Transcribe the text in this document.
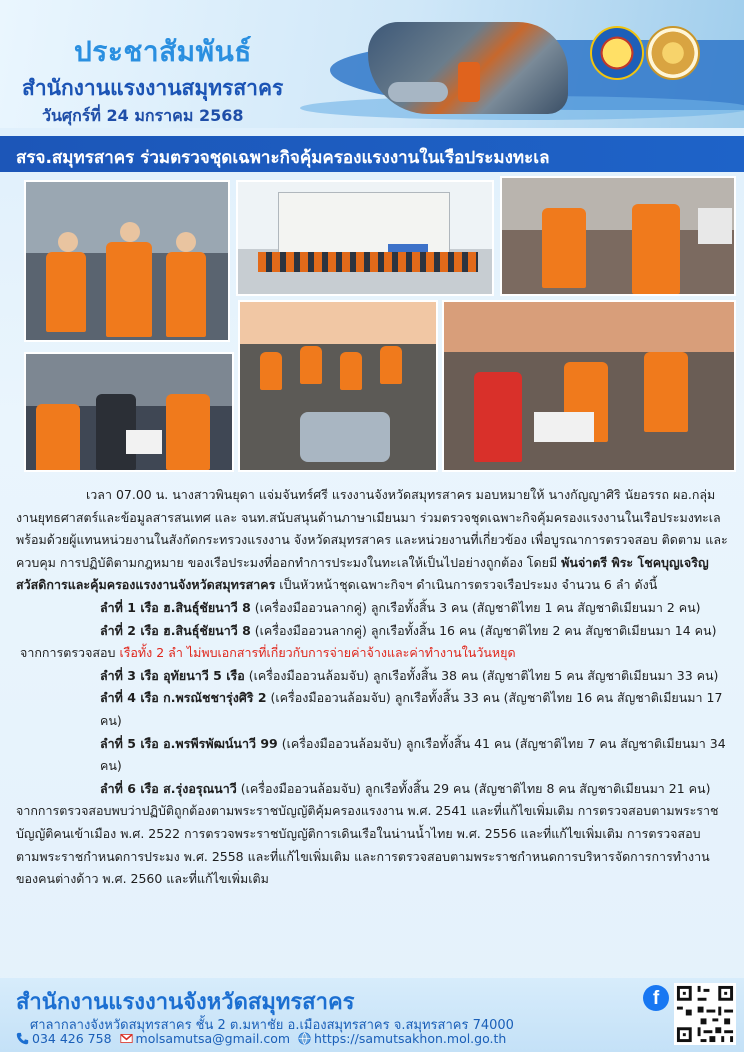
ประชาสัมพันธ์
สำนักงานแรงงานสมุทรสาคร
วันศุกร์ที่ 24 มกราคม 2568
สรจ.สมุทรสาคร ร่วมตรวจชุดเฉพาะกิจคุ้มครองแรงงานในเรือประมงทะเล

เวลา 07.00 น. นางสาวพินยุดา แจ่มจันทร์ศรี แรงงานจังหวัดสมุทรสาคร มอบหมายให้ นางกัญญาศิริ นัยอรรถ ผอ.กลุ่มงานยุทธศาสตร์และข้อมูลสารสนเทศ และ จนท.สนับสนุนด้านภาษาเมียนมา ร่วมตรวจชุดเฉพาะกิจคุ้มครองแรงงานในเรือประมงทะเล พร้อมด้วยผู้แทนหน่วยงานในสังกัดกระทรวงแรงงาน จังหวัดสมุทรสาคร และหน่วยงานที่เกี่ยวข้อง เพื่อบูรณาการตรวจสอบ ติดตาม และควบคุม การปฏิบัติตามกฎหมาย ของเรือประมงที่ออกทำการประมงในทะเลให้เป็นไปอย่างถูกต้อง โดยมี พันจ่าตรี พิระ โชคบุญเจริญ สวัสดิการและคุ้มครองแรงงานจังหวัดสมุทรสาคร เป็นหัวหน้าชุดเฉพาะกิจฯ ดำเนินการตรวจเรือประมง จำนวน 6 ลำ ดังนี้

ลำที่ 1 เรือ ฮ.สินธุ์ชัยนาวี 8 (เครื่องมืออวนลากคู่) ลูกเรือทั้งสิ้น 3 คน (สัญชาติไทย 1 คน สัญชาติเมียนมา 2 คน)

ลำที่ 2 เรือ ฮ.สินธุ์ชัยนาวี 8 (เครื่องมืออวนลากคู่) ลูกเรือทั้งสิ้น 16 คน (สัญชาติไทย 2 คน สัญชาติเมียนมา 14 คน)

จากการตรวจสอบ เรือทั้ง 2 ลำ ไม่พบเอกสารที่เกี่ยวกับการจ่ายค่าจ้างและค่าทำงานในวันหยุด

ลำที่ 3 เรือ อุทัยนาวี 5 เรือ (เครื่องมืออวนล้อมจับ) ลูกเรือทั้งสิ้น 38 คน (สัญชาติไทย 5 คน สัญชาติเมียนมา 33 คน)

ลำที่ 4 เรือ ก.พรณัชชารุ่งศิริ 2 (เครื่องมืออวนล้อมจับ) ลูกเรือทั้งสิ้น 33 คน (สัญชาติไทย 16 คน สัญชาติเมียนมา 17 คน)

ลำที่ 5 เรือ อ.พรพีรพัฒน์นาวี 99 (เครื่องมืออวนล้อมจับ) ลูกเรือทั้งสิ้น 41 คน (สัญชาติไทย 7 คน สัญชาติเมียนมา 34 คน)

ลำที่ 6 เรือ ส.รุ่งอรุณนาวี (เครื่องมืออวนล้อมจับ) ลูกเรือทั้งสิ้น 29 คน (สัญชาติไทย 8 คน สัญชาติเมียนมา 21 คน)

จากการตรวจสอบพบว่าปฏิบัติถูกต้องตามพระราชบัญญัติคุ้มครองแรงงาน พ.ศ. 2541 และที่แก้ไขเพิ่มเติม การตรวจสอบตามพระราชบัญญัติคนเข้าเมือง พ.ศ. 2522 การตรวจพระราชบัญญัติการเดินเรือในน่านน้ำไทย พ.ศ. 2556 และที่แก้ไขเพิ่มเติม การตรวจสอบตามพระราชกำหนดการประมง พ.ศ. 2558 และที่แก้ไขเพิ่มเติม และการตรวจสอบตามพระราชกำหนดการบริหารจัดการการทำงานของคนต่างด้าว พ.ศ. 2560 และที่แก้ไขเพิ่มเติม

สำนักงานแรงงานจังหวัดสมุทรสาคร
ศาลากลางจังหวัดสมุทรสาคร ชั้น 2 ต.มหาชัย อ.เมืองสมุทรสาคร จ.สมุทรสาคร 74000
034 426 758 molsamutsa@gmail.com https://samutsakhon.mol.go.th
f
